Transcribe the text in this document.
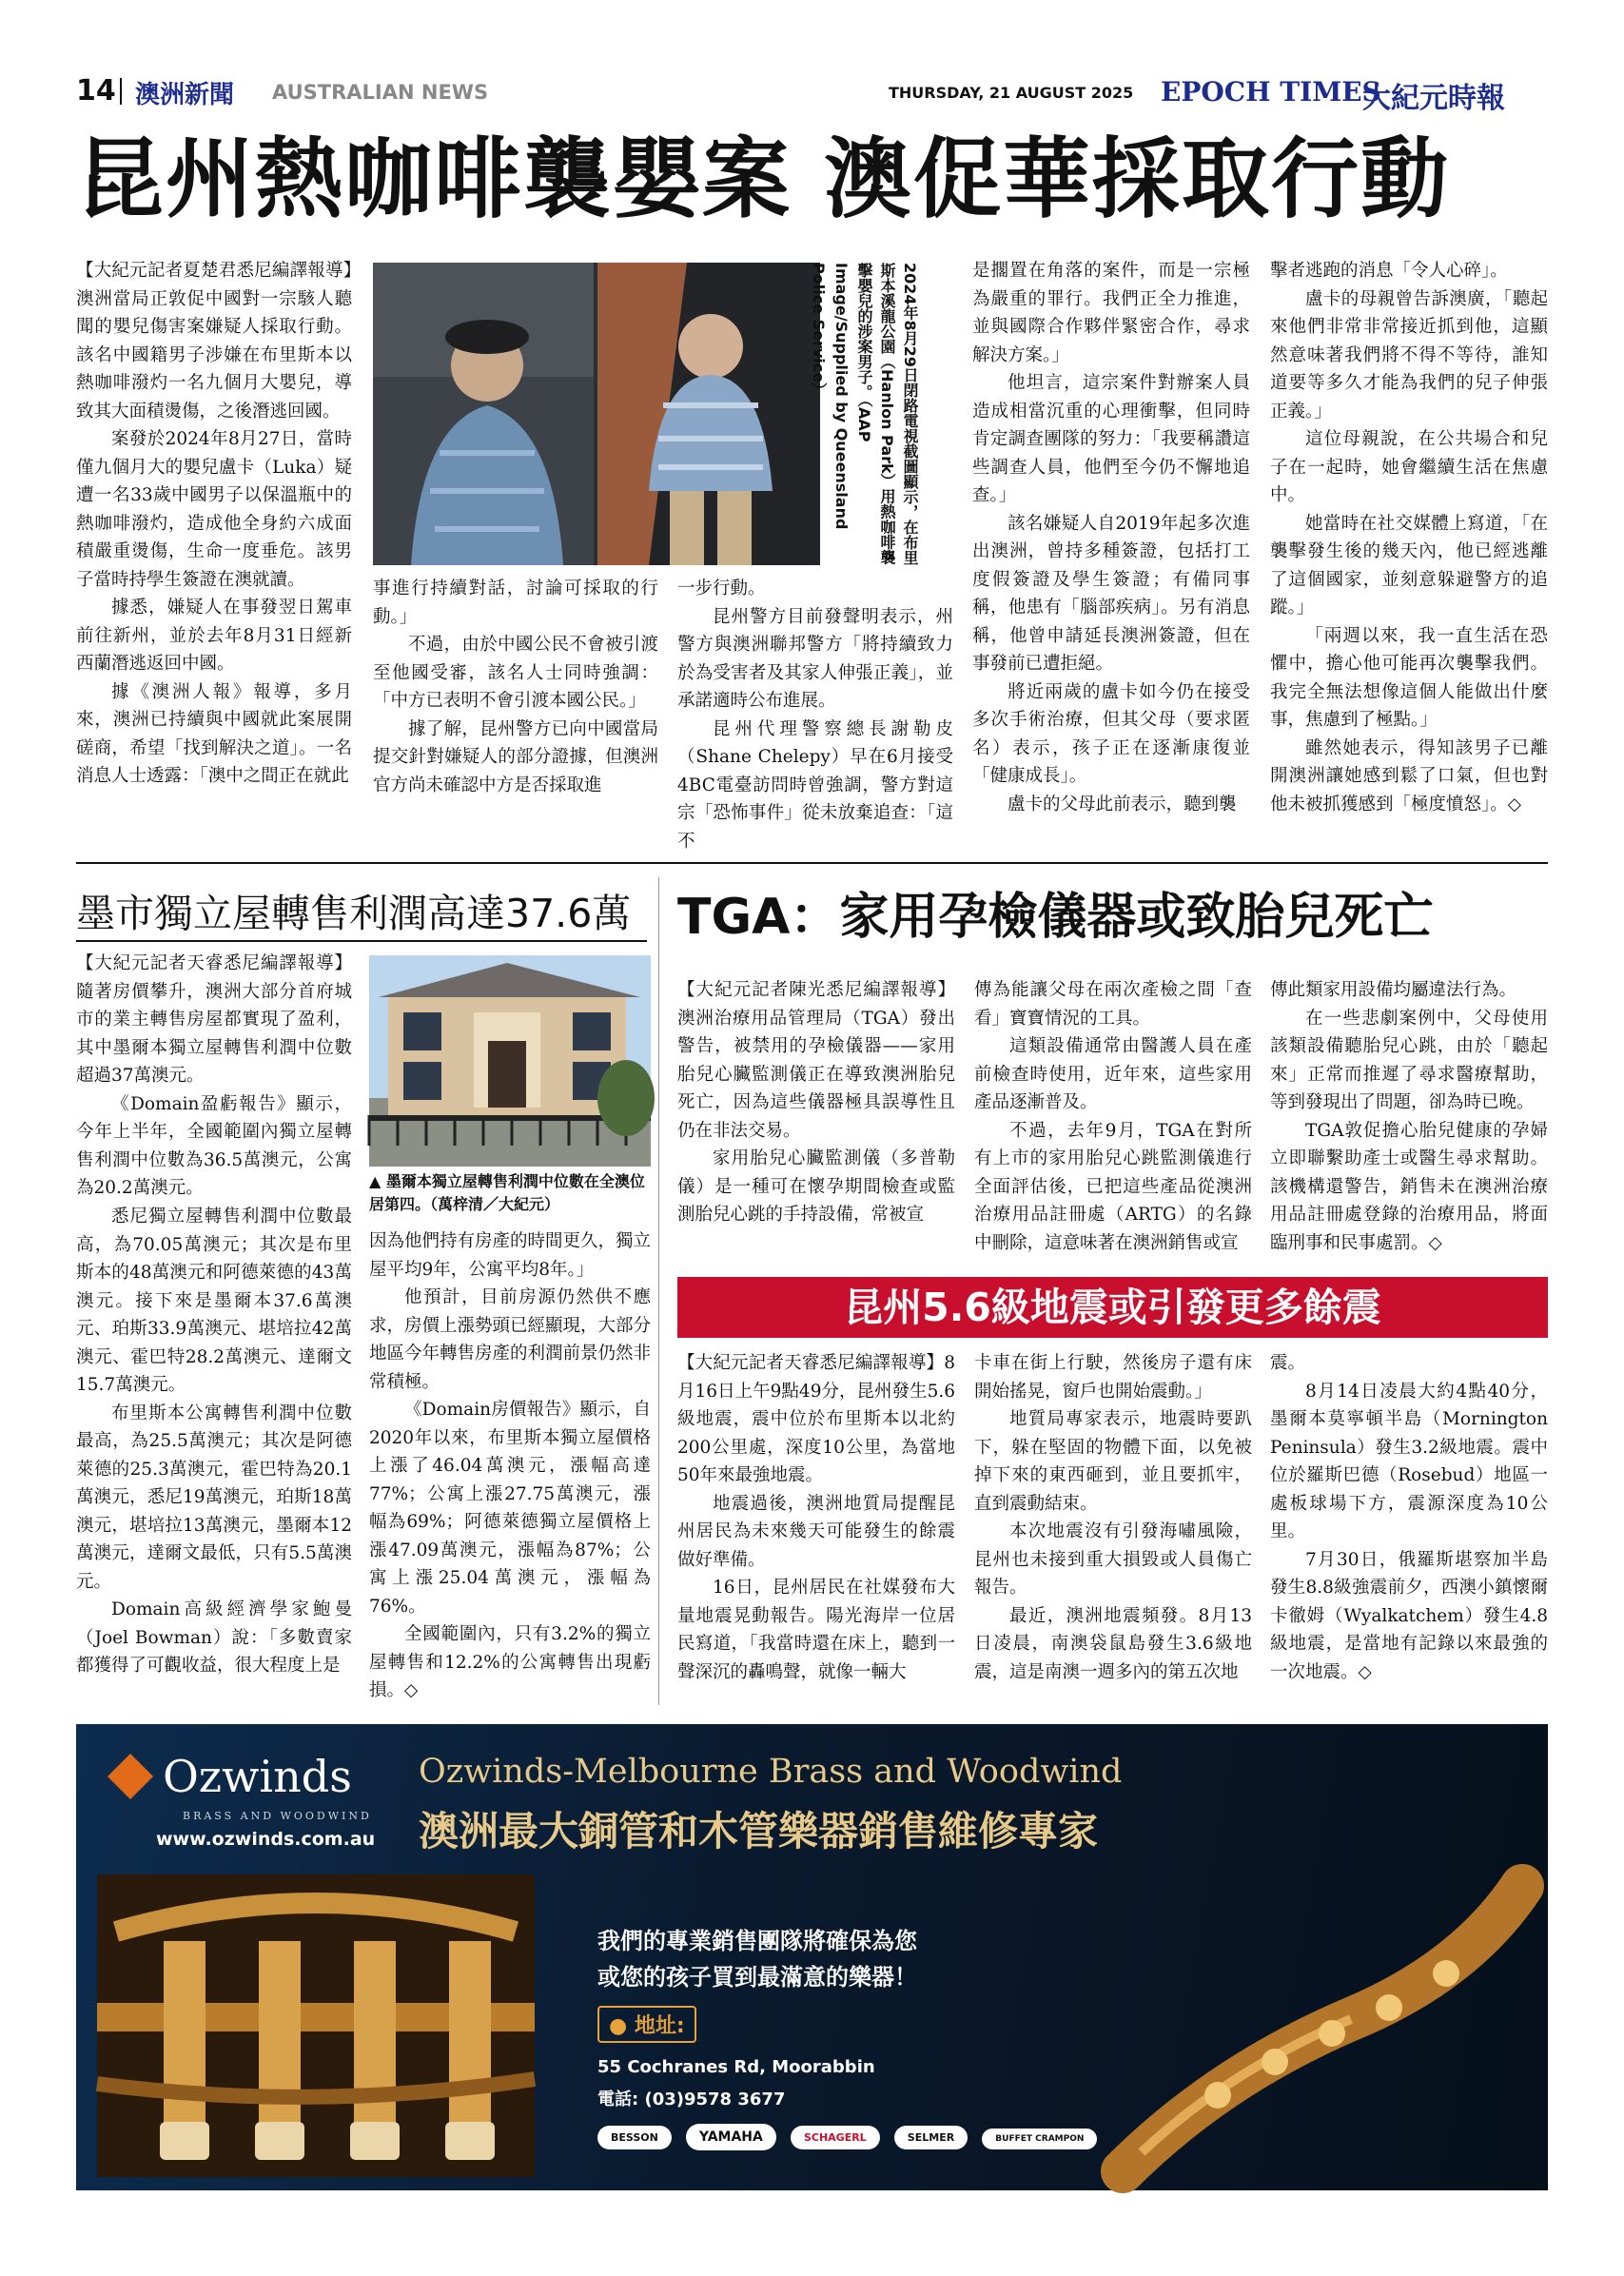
14 澳洲新聞 AUSTRALIAN NEWS	THURSDAY, 21 AUGUST 2025 EPOCH TIMES
大紀元時報
昆州熱咖啡襲嬰案 澳促華採取行動

【大紀元記者夏楚君悉尼編譯報導】澳洲當局正敦促中國對一宗駭人聽聞的嬰兒傷害案嫌疑人採取行動。該名中國籍男子涉嫌在布里斯本以熱咖啡潑灼一名九個月大嬰兒，導致其大面積燙傷，之後潛逃回國。

案發於2024年8月27日，當時僅九個月大的嬰兒盧卡（Luka）疑遭一名33歲中國男子以保溫瓶中的熱咖啡潑灼，造成他全身約六成面積嚴重燙傷，生命一度垂危。該男子當時持學生簽證在澳就讀。

據悉，嫌疑人在事發翌日駕車前往新州，並於去年8月31日經新西蘭潛逃返回中國。

據《澳洲人報》報導，多月來，澳洲已持續與中國就此案展開磋商，希望「找到解決之道」。一名消息人士透露：「澳中之間正在就此

2024年8月29日閉路電視截圖顯示，在布里斯本溪龍公園（Hanlon Park）用熱咖啡襲擊嬰兒的涉案男子。（AAP Image/Supplied by Queensland Police Service）

事進行持續對話，討論可採取的行動。」

不過，由於中國公民不會被引渡至他國受審，該名人士同時強調：「中方已表明不會引渡本國公民。」

據了解，昆州警方已向中國當局提交針對嫌疑人的部分證據，但澳洲官方尚未確認中方是否採取進

一步行動。

昆州警方目前發聲明表示，州警方與澳洲聯邦警方「將持續致力於為受害者及其家人伸張正義」，並承諾適時公布進展。

昆州代理警察總長謝勒皮（Shane Chelepy）早在6月接受4BC電臺訪問時曾強調，警方對這宗「恐怖事件」從未放棄追查：「這不

是擱置在角落的案件，而是一宗極為嚴重的罪行。我們正全力推進，並與國際合作夥伴緊密合作，尋求解決方案。」

他坦言，這宗案件對辦案人員造成相當沉重的心理衝擊，但同時肯定調查團隊的努力：「我要稱讚這些調查人員，他們至今仍不懈地追查。」

該名嫌疑人自2019年起多次進出澳洲，曾持多種簽證，包括打工度假簽證及學生簽證；有備同事稱，他患有「腦部疾病」。另有消息稱，他曾申請延長澳洲簽證，但在事發前已遭拒絕。

將近兩歲的盧卡如今仍在接受多次手術治療，但其父母（要求匿名）表示，孩子正在逐漸康復並「健康成長」。

盧卡的父母此前表示，聽到襲

擊者逃跑的消息「令人心碎」。

盧卡的母親曾告訴澳廣，「聽起來他們非常非常接近抓到他，這顯然意味著我們將不得不等待，誰知道要等多久才能為我們的兒子伸張正義。」

這位母親說，在公共場合和兒子在一起時，她會繼續生活在焦慮中。

她當時在社交媒體上寫道，「在襲擊發生後的幾天內，他已經逃離了這個國家，並刻意躲避警方的追蹤。」

「兩週以來，我一直生活在恐懼中，擔心他可能再次襲擊我們。我完全無法想像這個人能做出什麼事，焦慮到了極點。」

雖然她表示，得知該男子已離開澳洲讓她感到鬆了口氣，但也對他未被抓獲感到「極度憤怒」。◇

墨市獨立屋轉售利潤高達37.6萬

【大紀元記者天睿悉尼編譯報導】隨著房價攀升，澳洲大部分首府城市的業主轉售房屋都實現了盈利，其中墨爾本獨立屋轉售利潤中位數超過37萬澳元。

《Domain盈虧報告》顯示，今年上半年，全國範圍內獨立屋轉售利潤中位數為36.5萬澳元，公寓為20.2萬澳元。	▲ 墨爾本獨立屋轉售利潤中位數在全澳位居第四。（萬梓清／大紀元）

悉尼獨立屋轉售利潤中位數最高，為70.05萬澳元；其次是布里斯本的48萬澳元和阿德萊德的43萬澳元。接下來是墨爾本37.6萬澳元、珀斯33.9萬澳元、堪培拉42萬澳元、霍巴特28.2萬澳元、達爾文15.7萬澳元。

布里斯本公寓轉售利潤中位數最高，為25.5萬澳元；其次是阿德萊德的25.3萬澳元，霍巴特為20.1萬澳元，悉尼19萬澳元，珀斯18萬澳元，堪培拉13萬澳元，墨爾本12萬澳元，達爾文最低，只有5.5萬澳元。

Domain高級經濟學家鮑曼（Joel Bowman）說：「多數賣家都獲得了可觀收益，很大程度上是

因為他們持有房產的時間更久，獨立屋平均9年，公寓平均8年。」

他預計，目前房源仍然供不應求，房價上漲勢頭已經顯現，大部分地區今年轉售房產的利潤前景仍然非常積極。

《Domain房價報告》顯示，自2020年以來，布里斯本獨立屋價格上漲了46.04萬澳元，漲幅高達77%；公寓上漲27.75萬澳元，漲幅為69%；阿德萊德獨立屋價格上漲47.09萬澳元，漲幅為87%；公寓上漲25.04萬澳元，漲幅為76%。

全國範圍內，只有3.2%的獨立屋轉售和12.2%的公寓轉售出現虧損。◇

TGA：家用孕檢儀器或致胎兒死亡

【大紀元記者陳光悉尼編譯報導】澳洲治療用品管理局（TGA）發出警告，被禁用的孕檢儀器——家用胎兒心臟監測儀正在導致澳洲胎兒死亡，因為這些儀器極具誤導性且仍在非法交易。

家用胎兒心臟監測儀（多普勒儀）是一種可在懷孕期間檢查或監測胎兒心跳的手持設備，常被宣

傳為能讓父母在兩次產檢之間「查看」寶寶情況的工具。

這類設備通常由醫護人員在產前檢查時使用，近年來，這些家用產品逐漸普及。

不過，去年9月，TGA在對所有上市的家用胎兒心跳監測儀進行全面評估後，已把這些產品從澳洲治療用品註冊處（ARTG）的名錄中刪除，這意味著在澳洲銷售或宣

傳此類家用設備均屬違法行為。

在一些悲劇案例中，父母使用該類設備聽胎兒心跳，由於「聽起來」正常而推遲了尋求醫療幫助，等到發現出了問題，卻為時已晚。

TGA敦促擔心胎兒健康的孕婦立即聯繫助產士或醫生尋求幫助。該機構還警告，銷售未在澳洲治療用品註冊處登錄的治療用品，將面臨刑事和民事處罰。◇

昆州5.6級地震或引發更多餘震

【大紀元記者天睿悉尼編譯報導】8月16日上午9點49分，昆州發生5.6級地震，震中位於布里斯本以北約200公里處，深度10公里，為當地50年來最強地震。

地震過後，澳洲地質局提醒昆州居民為未來幾天可能發生的餘震做好準備。

16日，昆州居民在社媒發布大量地震晃動報告。陽光海岸一位居民寫道，「我當時還在床上，聽到一聲深沉的轟鳴聲，就像一輛大

卡車在街上行駛，然後房子還有床開始搖晃，窗戶也開始震動。」

地質局專家表示，地震時要趴下，躲在堅固的物體下面，以免被掉下來的東西砸到，並且要抓牢，直到震動結束。

本次地震沒有引發海嘯風險，昆州也未接到重大損毀或人員傷亡報告。

最近，澳洲地震頻發。8月13日凌晨，南澳袋鼠島發生3.6級地震，這是南澳一週多內的第五次地

震。

8月14日凌晨大約4點40分，墨爾本莫寧頓半島（Mornington Peninsula）發生3.2級地震。震中位於羅斯巴德（Rosebud）地區一處板球場下方，震源深度為10公里。

7月30日，俄羅斯堪察加半島發生8.8級強震前夕，西澳小鎮懷爾卡徹姆（Wyalkatchem）發生4.8級地震，是當地有記錄以來最強的一次地震。◇

Ozwinds
BRASS AND WOODWIND
www.ozwinds.com.au
Ozwinds-Melbourne Brass and Woodwind
澳洲最大銅管和木管樂器銷售維修專家
我們的專業銷售團隊將確保為您
或您的孩子買到最滿意的樂器！
● 地址:
55 Cochranes Rd, Moorabbin
電話: (03)9578 3677
BESSON	YAMAHA	SCHAGERL	SELMER	BUFFET CRAMPON
